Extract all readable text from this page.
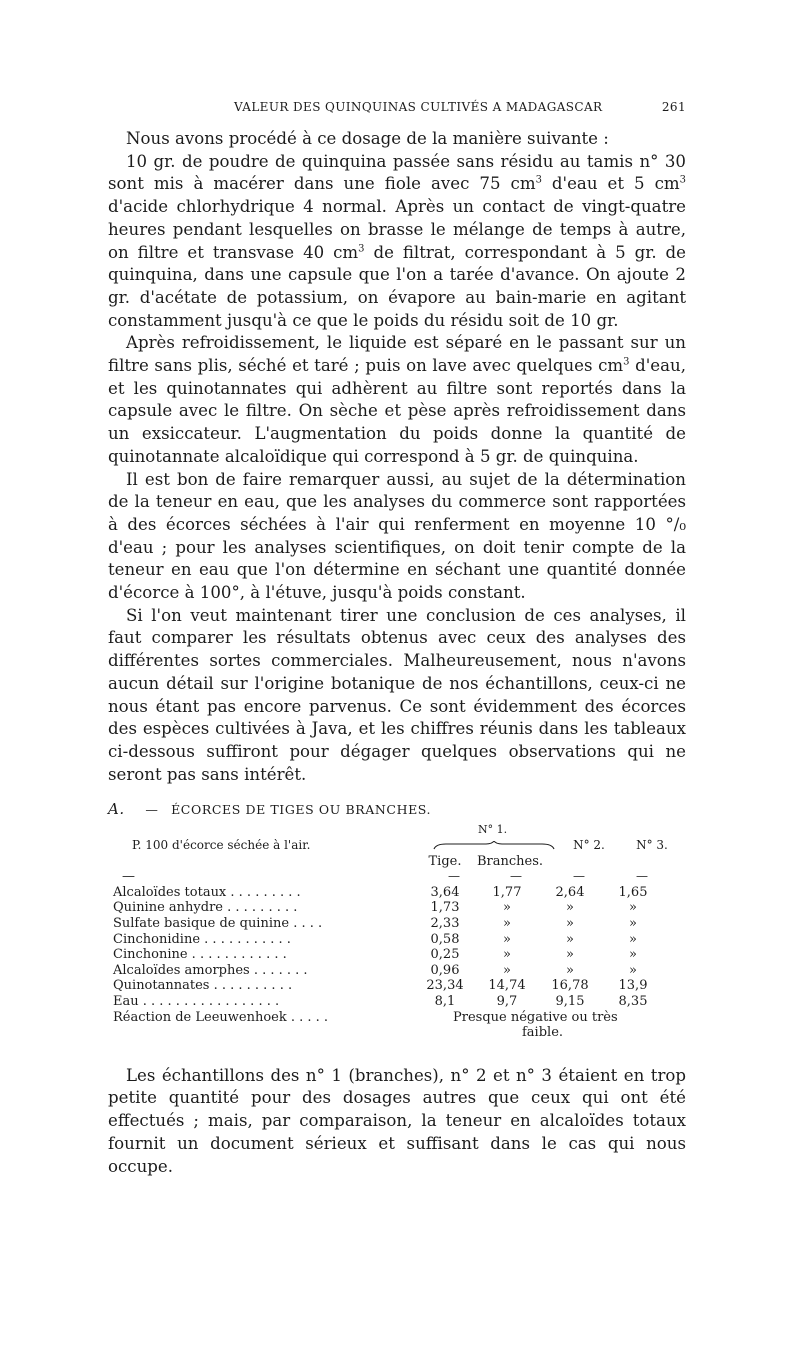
VALEUR DES QUINQUINAS CULTIVÉS A MADAGASCAR	261

Nous avons procédé à ce dosage de la manière suivante :

10 gr. de poudre de quinquina passée sans résidu au tamis n° 30 sont mis à macérer dans une fiole avec 75 $cm^3$ d'eau et 5 $cm^3$ d'acide chlorhydrique 4 normal. Après un contact de vingt-quatre heures pendant lesquelles on brasse le mélange de temps à autre, on filtre et transvase 40 $cm^3$ de filtrat, correspondant à 5 gr. de quinquina, dans une capsule que l'on a tarée d'avance. On ajoute 2 gr. d'acétate de potassium, on évapore au bain-marie en agitant constamment jusqu'à ce que le poids du résidu soit de 10 gr.

Après refroidissement, le liquide est séparé en le passant sur un filtre sans plis, séché et taré ; puis on lave avec quelques $cm^3$ d'eau, et les quinotannates qui adhèrent au filtre sont reportés dans la capsule avec le filtre. On sèche et pèse après refroidissement dans un exsiccateur. L'augmentation du poids donne la quantité de quinotannate alcaloïdique qui correspond à 5 gr. de quinquina.

Il est bon de faire remarquer aussi, au sujet de la détermination de la teneur en eau, que les analyses du commerce sont rapportées à des écorces séchées à l'air qui renferment en moyenne 10 °/₀ d'eau ; pour les analyses scientifiques, on doit tenir compte de la teneur en eau que l'on détermine en séchant une quantité donnée d'écorce à 100°, à l'étuve, jusqu'à poids constant.

Si l'on veut maintenant tirer une conclusion de ces analyses, il faut comparer les résultats obtenus avec ceux des analyses des différentes sortes commerciales. Malheureusement, nous n'avons aucun détail sur l'origine botanique de nos échantillons, ceux-ci ne nous étant pas encore parvenus. Ce sont évidemment des écorces des espèces cultivées à Java, et les chiffres réunis dans les tableaux ci-dessous suffiront pour dégager quelques observations qui ne seront pas sans intérêt.

A. — ÉCORCES DE TIGES OU BRANCHES.
N° 1.
P. 100 d'écorce séchée à l'air.	N° 2.	N° 3.
Tige.	Branches.
—	—	—	—	—
Alcaloïdes totaux . . . . . . . . .	3,64	1,77	2,64	1,65
Quinine anhydre . . . . . . . . .	1,73	»	»	»
Sulfate basique de quinine . . . .	2,33	»	»	»
Cinchonidine . . . . . . . . . . .	0,58	»	»	»
Cinchonine . . . . . . . . . . . .	0,25	»	»	»
Alcaloïdes amorphes . . . . . . .	0,96	»	»	»
Quinotannates . . . . . . . . . .	23,34	14,74	16,78	13,9
Eau . . . . . . . . . . . . . . . . .	8,1	9,7	9,15	8,35
Réaction de Leeuwenhoek . . . . .	Presque négative ou très
faible.

Les échantillons des n° 1 (branches), n° 2 et n° 3 étaient en trop petite quantité pour des dosages autres que ceux qui ont été effectués ; mais, par comparaison, la teneur en alcaloïdes totaux fournit un document sérieux et suffisant dans le cas qui nous occupe.
